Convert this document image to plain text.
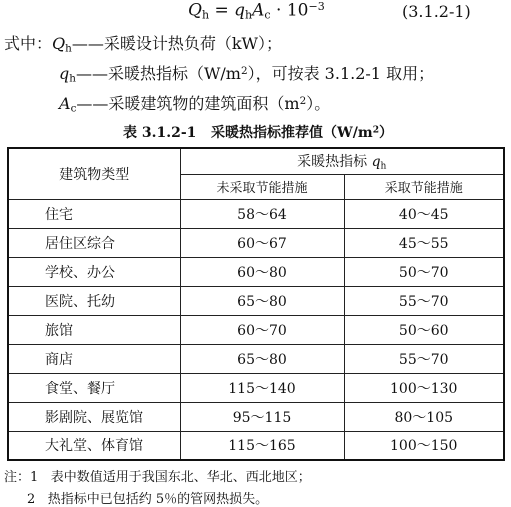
$Q_h = q_hA_c \cdot 10^{-3}$	(3.1.2-1)
式中：$Q_h——$采暖设计热负荷（kW）；
$q_h——$采暖热指标$(W/m^2)$，可按表 3.1.2-1 取用；
$A_c——$采暖建筑物的建筑面积$(m^2)$。
表 3.1.2-1 采暖热指标推荐值$(W/m^2)$
建筑物类型	采暖热指标 $q_h$
	未采取节能措施	采取节能措施
住宅	58～64	40～45
居住区综合	60～67	45～55
学校、办公	60～80	50～70
医院、托幼	65～80	55～70
旅馆	60～70	50～60
商店	65～80	55～70
食堂、餐厅	115～140	100～130
影剧院、展览馆	95～115	80～105
大礼堂、体育馆	115～165	100～150
注：1 表中数值适用于我国东北、华北、西北地区；
2 热指标中已包括约 5％的管网热损失。
